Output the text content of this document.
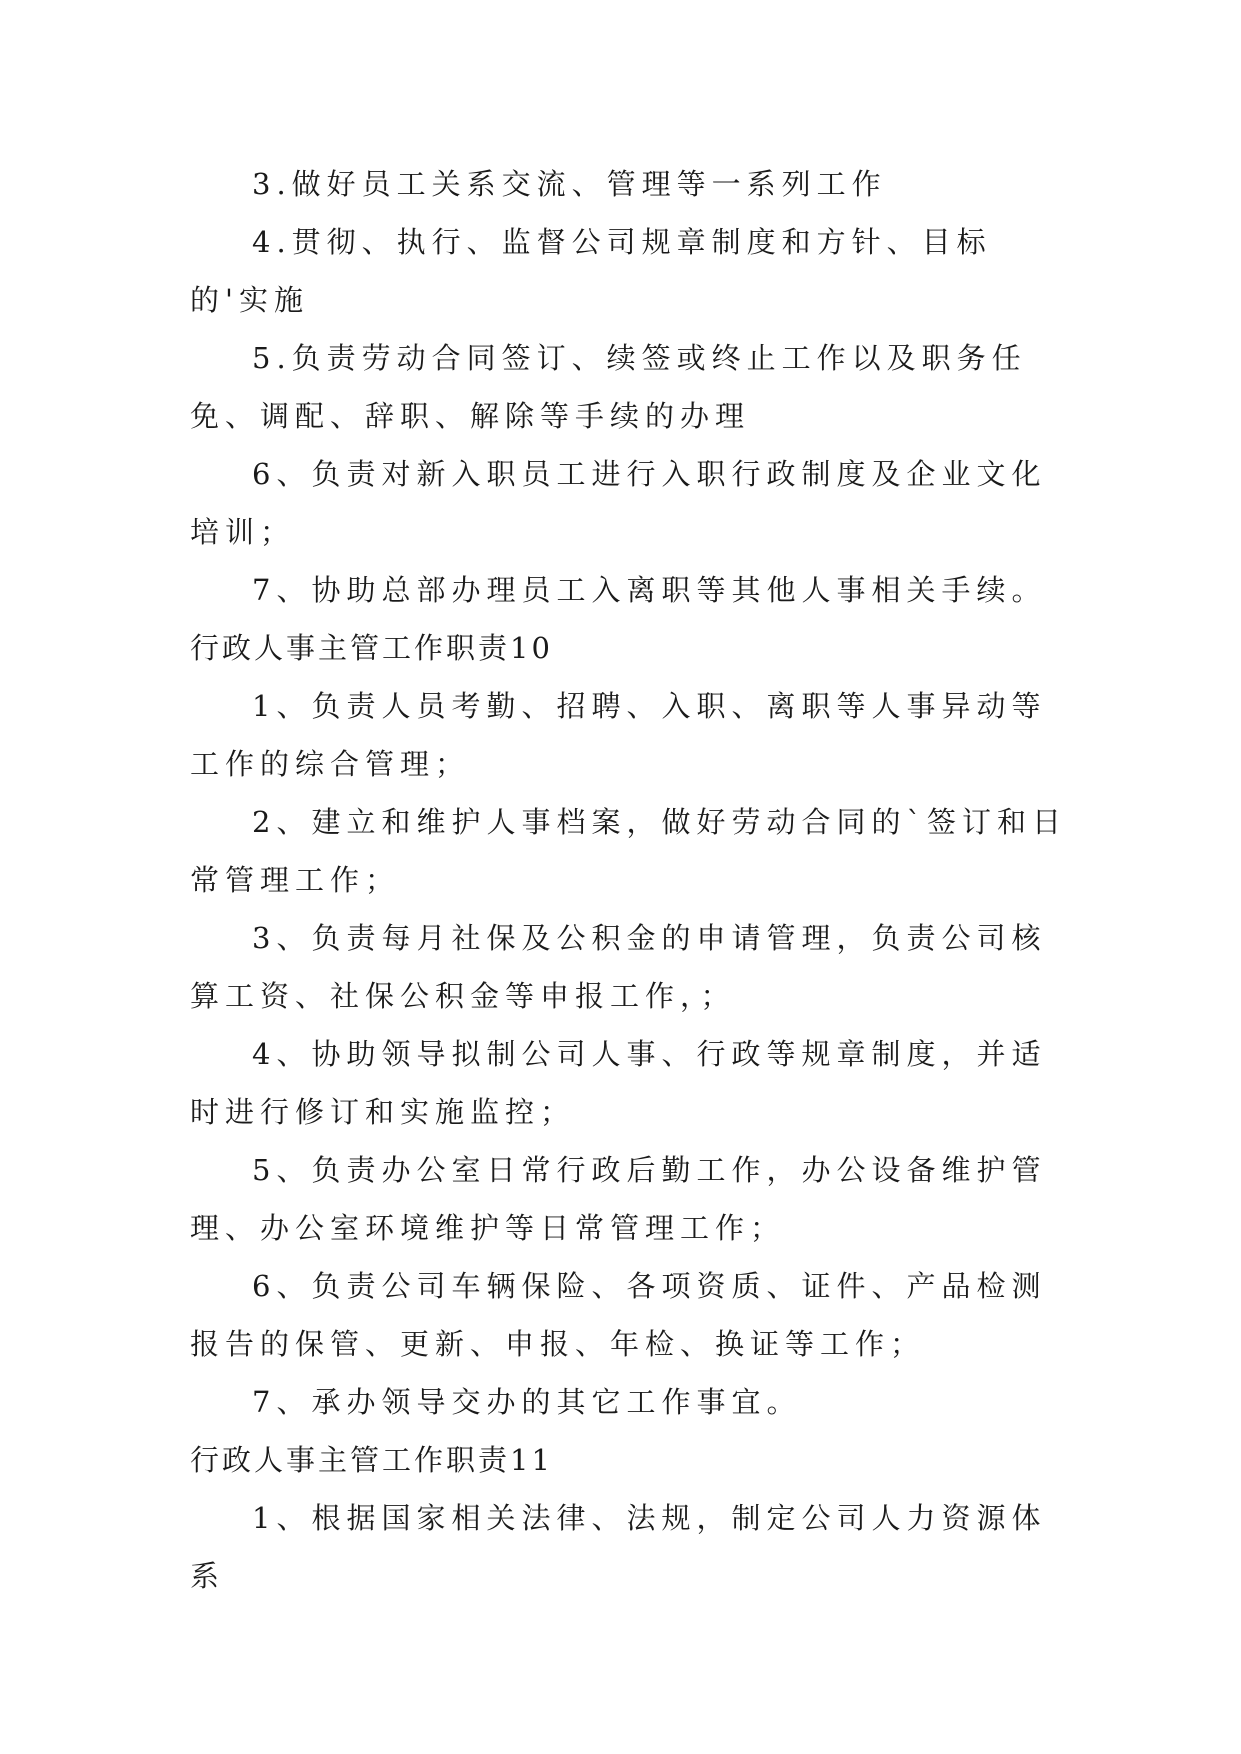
3.做好员工关系交流、管理等一系列工作

4.贯彻、执行、监督公司规章制度和方针、目标的'实施

5.负责劳动合同签订、续签或终止工作以及职务任免、调配、辞职、解除等手续的办理

6、负责对新入职员工进行入职行政制度及企业文化培训；

7、协助总部办理员工入离职等其他人事相关手续。

行政人事主管工作职责10

1、负责人员考勤、招聘、入职、离职等人事异动等工作的综合管理；

2、建立和维护人事档案，做好劳动合同的`签订和日常管理工作；

3、负责每月社保及公积金的申请管理，负责公司核算工资、社保公积金等申报工作，；

4、协助领导拟制公司人事、行政等规章制度，并适时进行修订和实施监控；

5、负责办公室日常行政后勤工作，办公设备维护管理、办公室环境维护等日常管理工作；

6、负责公司车辆保险、各项资质、证件、产品检测报告的保管、更新、申报、年检、换证等工作；

7、承办领导交办的其它工作事宜。

行政人事主管工作职责11

1、根据国家相关法律、法规，制定公司人力资源体系
